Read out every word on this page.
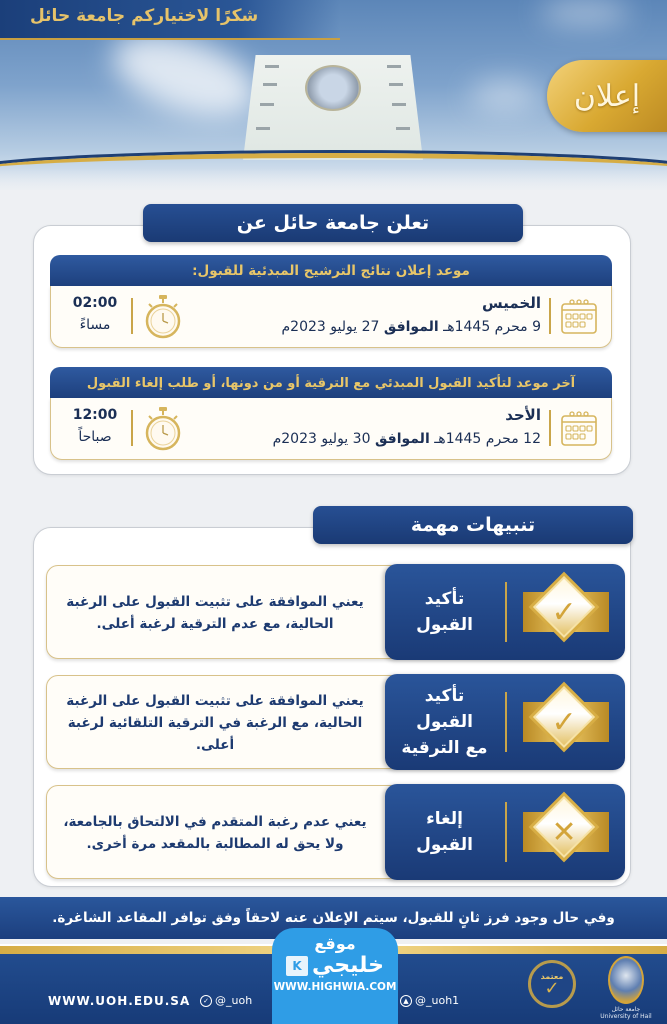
شكرًا لاختياركم جامعة حائل
إعلان
تعلن جامعة حائل عن
موعد إعلان نتائج الترشيح المبدئية للقبول:
الخميس
9 محرم 1445هـ الموافق 27 يوليو 2023م
02:00
مساءً
آخر موعد لتأكيد القبول المبدئي مع الترقية أو من دونها، أو طلب إلغاء القبول
الأحد
12 محرم 1445هـ الموافق 30 يوليو 2023م
12:00
صباحاً
تنبيهات مهمة
✓
تأكيد
القبول
يعني الموافقة على تثبيت القبول على الرغبة الحالية، مع عدم الترقية لرغبة أعلى.
✓
تأكيد
القبول
مع الترقية
يعني الموافقة على تثبيت القبول على الرغبة الحالية، مع الرغبة في الترقية التلقائية لرغبة أعلى.
✕
إلغاء
القبول
يعني عدم رغبة المتقدم في الالتحاق بالجامعة، ولا يحق له المطالبة بالمقعد مرة أخرى.
وفي حال وجود فرز ثانٍ للقبول، سيتم الإعلان عنه لاحقاً وفق توافر المقاعد الشاغرة.
WWW.UOH.EDU.SA	✓ @_uoh	▲ @_uoh1
معتمد
✓
جامعة حائل University of Hail
موقع
خليجي
K
WWW.HIGHWIA.COM
